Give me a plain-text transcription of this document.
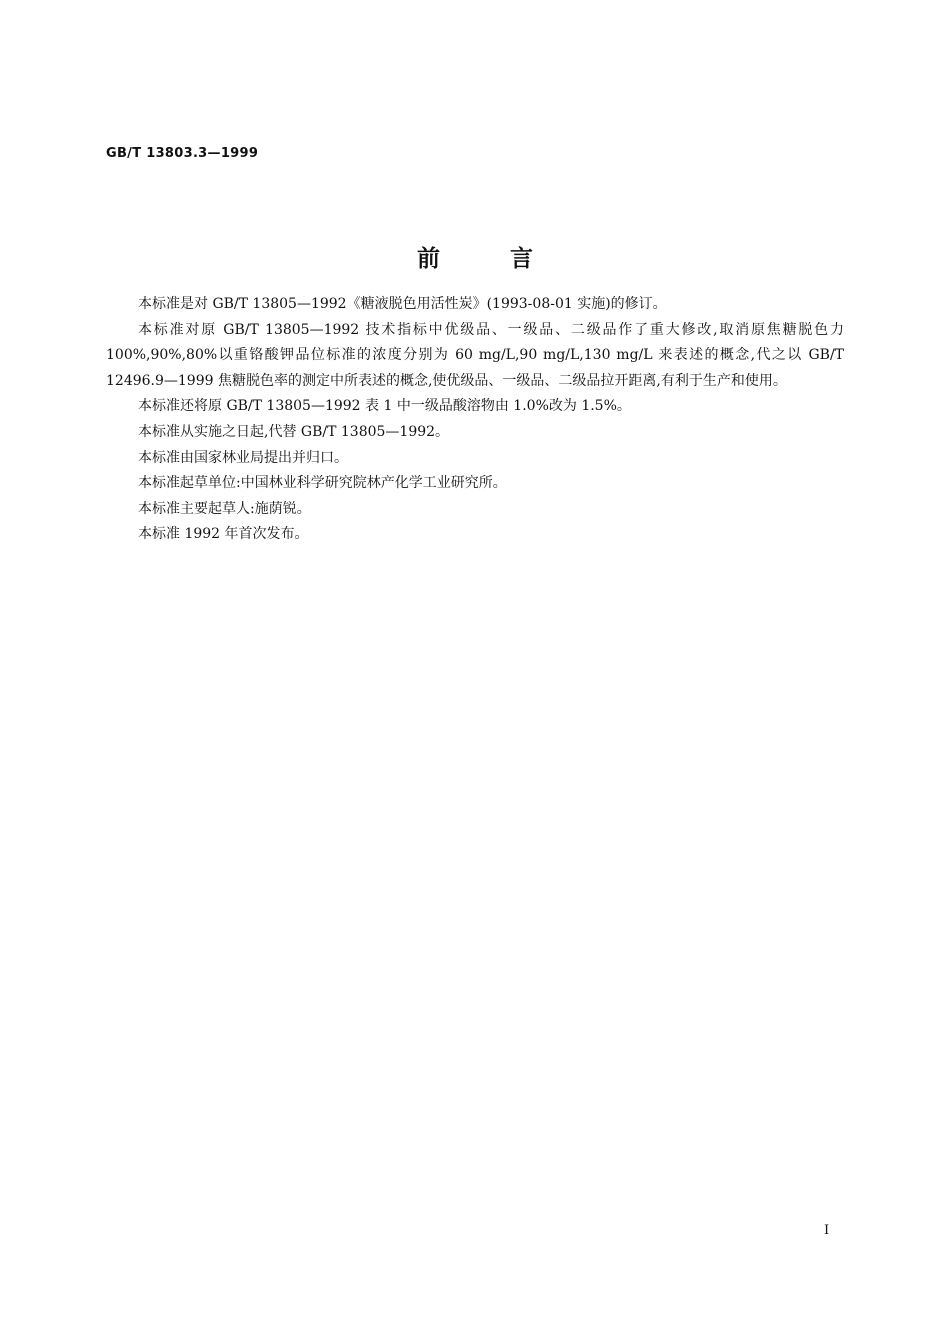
GB/T 13803.3—1999
前言

本标准是对 GB/T 13805—1992《糖液脱色用活性炭》(1993-08-01 实施)的修订。

本标准对原 GB/T 13805—1992 技术指标中优级品、一级品、二级品作了重大修改,取消原焦糖脱色力 100%,90%,80%以重铬酸钾品位标准的浓度分别为 60 mg/L,90 mg/L,130 mg/L 来表述的概念,代之以 GB/T 12496.9—1999 焦糖脱色率的测定中所表述的概念,使优级品、一级品、二级品拉开距离,有利于生产和使用。

本标准还将原 GB/T 13805—1992 表 1 中一级品酸溶物由 1.0%改为 1.5%。

本标准从实施之日起,代替 GB/T 13805—1992。

本标准由国家林业局提出并归口。

本标准起草单位:中国林业科学研究院林产化学工业研究所。

本标准主要起草人:施荫锐。

本标准 1992 年首次发布。

I
